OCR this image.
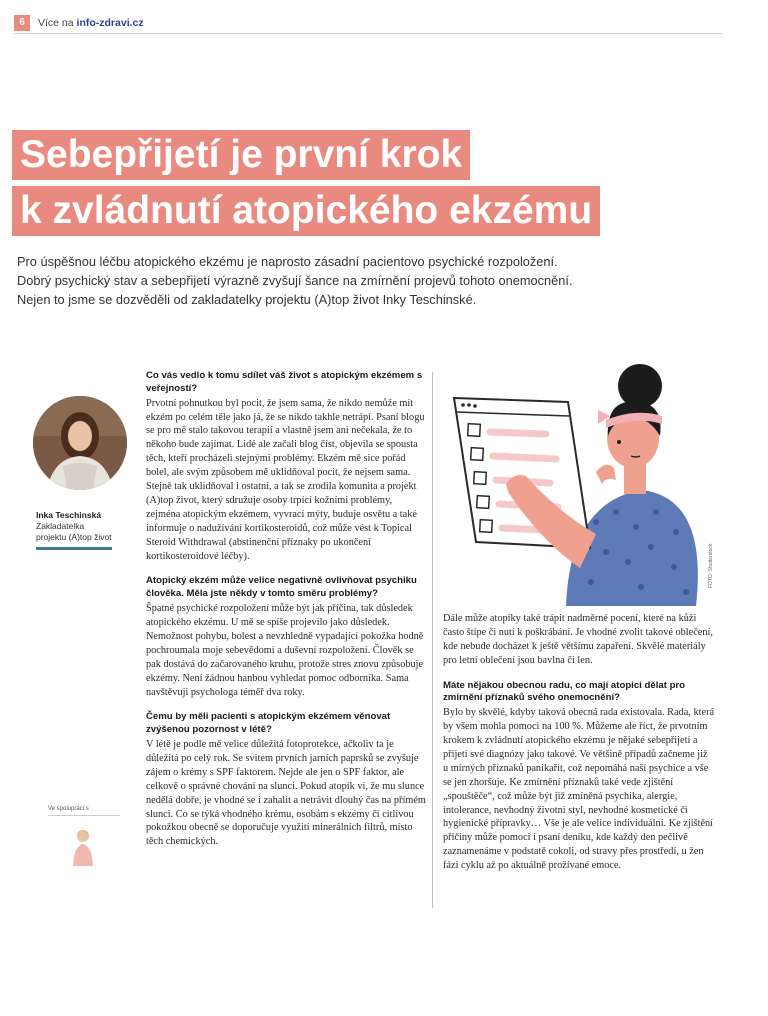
6	Více na info-zdravi.cz
Sebepřijetí je první krok
k zvládnutí atopického ekzému
Pro úspěšnou léčbu atopického ekzému je naprosto zásadní pacientovo psychické rozpoložení.
Dobrý psychický stav a sebepřijetí výrazně zvyšují šance na zmírnění projevů tohoto onemocnění.
Nejen to jsme se dozvěděli od zakladatelky projektu (A)top život Inky Teschinské.
Inka Teschinská
Zakladatelka
projektu (A)top život
Ve spolupráci s
Co vás vedlo k tomu sdílet váš život s atopickým ekzémem s veřejností?

Prvotní pohnutkou byl pocit, že jsem sama, že nikdo nemůže mít ekzém po celém těle jako já, že se nikdo takhle netrápí. Psaní blogu se pro mě stalo takovou terapií a vlastně jsem ani nečekala, že to někoho bude zajímat. Lidé ale začali blog číst, objevila se spousta těch, kteří procházeli stejnými problémy. Ekzém mě sice pořád bolel, ale svým způsobem mě uklidňoval pocit, že nejsem sama. Stejně tak uklidňoval i ostatní, a tak se zrodila komunita a projekt (A)top život, který sdružuje osoby trpící kožními problémy, zejména atopickým ekzémem, vyvrací mýty, buduje osvětu a také informuje o nadužívání kortikosteroidů, což může vést k Topical Steroid Withdrawal (abstinenční příznaky po ukončení kortikosteroidové léčby).

Atopický ekzém může velice negativně ovlivňovat psychiku člověka. Měla jste někdy v tomto směru problémy?

Špatné psychické rozpoložení může být jak příčina, tak důsledek atopického ekzému. U mě se spíše projevilo jako důsledek. Nemožnost pohybu, bolest a nevzhledně vypadající pokožka hodně pochroumala moje sebevědomí a duševní rozpoložení. Člověk se pak dostává do začarovaného kruhu, protože stres znovu způsobuje ekzémy. Není žádnou hanbou vyhledat pomoc odborníka. Sama navštěvuji psychologa téměř dva roky.

Čemu by měli pacienti s atopickým ekzémem věnovat zvýšenou pozornost v létě?

V létě je podle mě velice důležitá fotoprotekce, ačkoliv ta je důležitá po celý rok. Se svitem prvních jarních paprsků se zvyšuje zájem o krémy s SPF faktorem. Nejde ale jen o SPF faktor, ale celkově o správné chování na slunci. Pokud atopik ví, že mu slunce nedělá dobře, je vhodné se i zahalit a netrávit dlouhý čas na přímém slunci. Co se týká vhodného krému, osobám s ekzémy či citlivou pokožkou obecně se doporučuje využití minerálních filtrů, místo těch chemických.

FOTO: Shutterstock

Dále může atopiky také trápit nadměrné pocení, které na kůži často štípe či nutí k poškrábání. Je vhodné zvolit takové oblečení, kde nebude docházet k ještě většímu zapaření. Skvělé materiály pro letní oblečení jsou bavlna či len.

Máte nějakou obecnou radu, co mají atopici dělat pro zmírnění příznaků svého onemocnění?

Bylo by skvělé, kdyby taková obecná rada existovala. Rada, která by všem mohla pomoci na 100 %. Můžeme ale říct, že prvotním krokem k zvládnutí atopického ekzému je nějaké sebepřijetí a přijetí své diagnózy jako takové. Ve většině případů začneme již u mírných příznaků panikařit, což nepomáhá naší psychice a vše se jen zhoršuje. Ke zmírnění příznaků také vede zjištění „spouštěče“, což může být již zmíněná psychika, alergie, intolerance, nevhodný životní styl, nevhodné kosmetické či hygienické přípravky… Vše je ale velice individuální. Ke zjištění příčiny může pomoci i psaní deníku, kde každý den pečlivě zaznamenáme v podstatě cokoli, od stravy přes prostředí, u žen fázi cyklu až po aktuálně prožívané emoce.
